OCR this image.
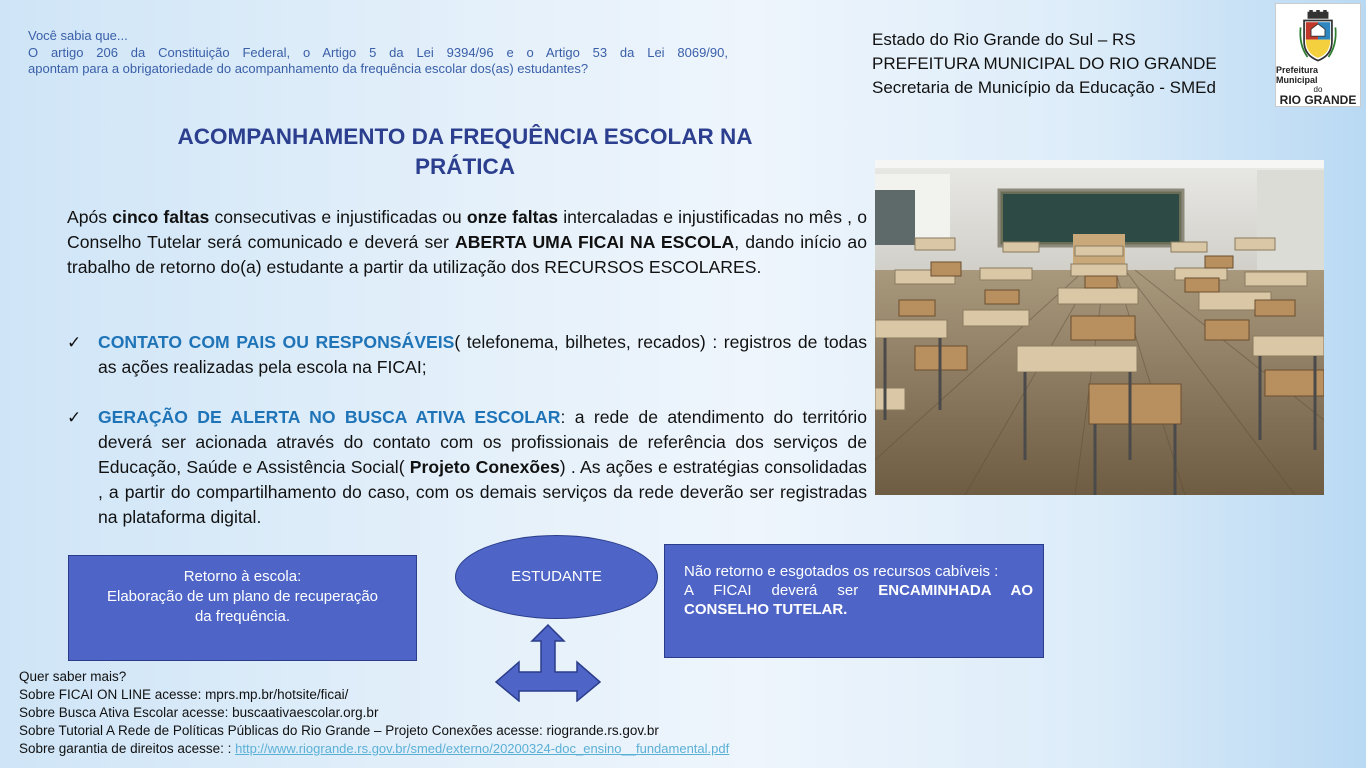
Você sabia que...
O artigo 206 da Constituição Federal, o Artigo 5 da Lei 9394/96 e o Artigo 53 da Lei 8069/90,
apontam para a obrigatoriedade do acompanhamento da frequência escolar dos(as) estudantes?
Estado do Rio Grande do Sul – RS
PREFEITURA MUNICIPAL DO RIO GRANDE
Secretaria de Município da Educação - SMEd
Prefeitura Municipal
do
RIO GRANDE
ACOMPANHAMENTO DA FREQUÊNCIA ESCOLAR NA
PRÁTICA
Após cinco faltas consecutivas e injustificadas ou onze faltas intercaladas e injustificadas no mês , o Conselho Tutelar será comunicado e deverá ser ABERTA UMA FICAI NA ESCOLA, dando início ao trabalho de retorno do(a) estudante a partir da utilização dos RECURSOS ESCOLARES.
✓ CONTATO COM PAIS OU RESPONSÁVEIS( telefonema, bilhetes, recados) : registros de todas as ações realizadas pela escola na FICAI;
✓ GERAÇÃO DE ALERTA NO BUSCA ATIVA ESCOLAR: a rede de atendimento do território deverá ser acionada através do contato com os profissionais de referência dos serviços de Educação, Saúde e Assistência Social( Projeto Conexões) . As ações e estratégias consolidadas , a partir do compartilhamento do caso, com os demais serviços da rede deverão ser registradas na plataforma digital.
Retorno à escola:
Elaboração de um plano de recuperação
da frequência.
ESTUDANTE	Não retorno e esgotados os recursos cabíveis :
A FICAI deverá ser ENCAMINHADA AO CONSELHO TUTELAR.
Quer saber mais?
Sobre FICAI ON LINE acesse: mprs.mp.br/hotsite/ficai/
Sobre Busca Ativa Escolar acesse: buscaativaescolar.org.br
Sobre Tutorial A Rede de Políticas Públicas do Rio Grande – Projeto Conexões acesse: riogrande.rs.gov.br
Sobre garantia de direitos acesse: : http://www.riogrande.rs.gov.br/smed/externo/20200324-doc_ensino__fundamental.pdf
